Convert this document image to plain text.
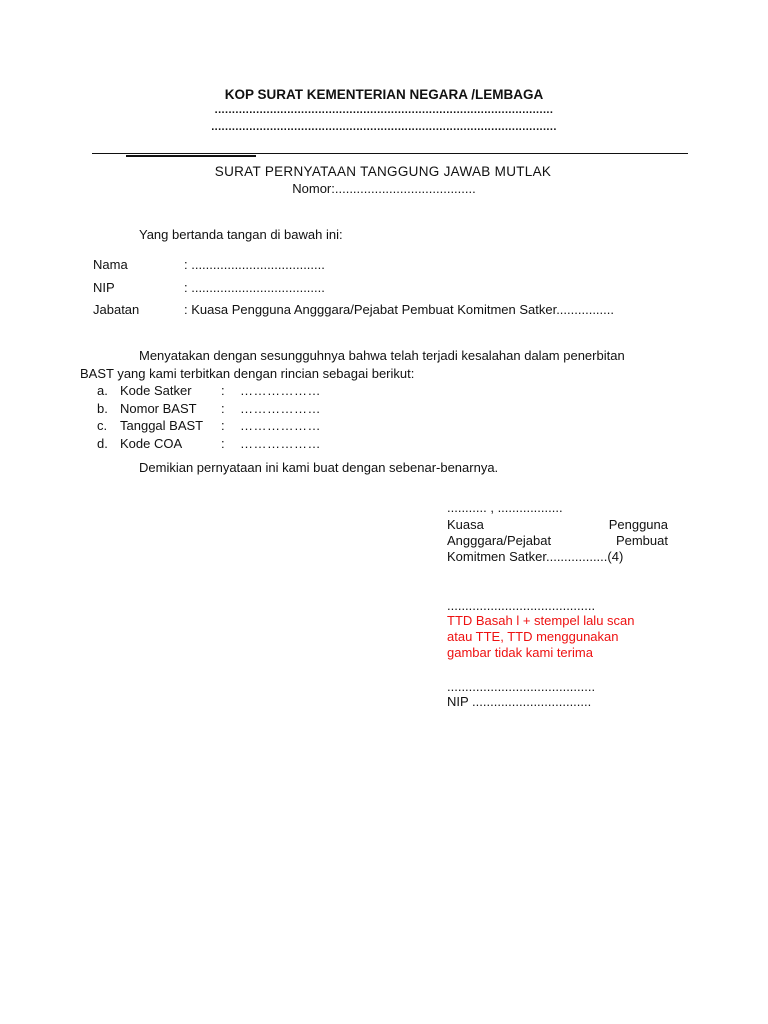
KOP SURAT KEMENTERIAN NEGARA /LEMBAGA
..................................................................................................
....................................................................................................
SURAT PERNYATAAN TANGGUNG JAWAB MUTLAK
Nomor:.......................................
Yang bertanda tangan di bawah ini:
Nama	: .....................................
NIP	: .....................................
Jabatan	: Kuasa Pengguna Angggara/Pejabat Pembuat Komitmen Satker................
Menyatakan dengan sesungguhnya bahwa telah terjadi kesalahan dalam penerbitan
BAST yang kami terbitkan dengan rincian sebagai berikut:
a. Kode Satker : ………………
b. Nomor BAST : ………………
c. Tanggal BAST : ………………
d. Kode COA	: ………………
Demikian pernyataan ini kami buat dengan sebenar-benarnya.
........... , ..................
Kuasa	Pengguna
Angggara/Pejabat	Pembuat
Komitmen Satker.................(4)
.........................................
TTD Basah l + stempel lalu scan
atau TTE, TTD menggunakan
gambar tidak kami terima
.........................................
NIP .................................
